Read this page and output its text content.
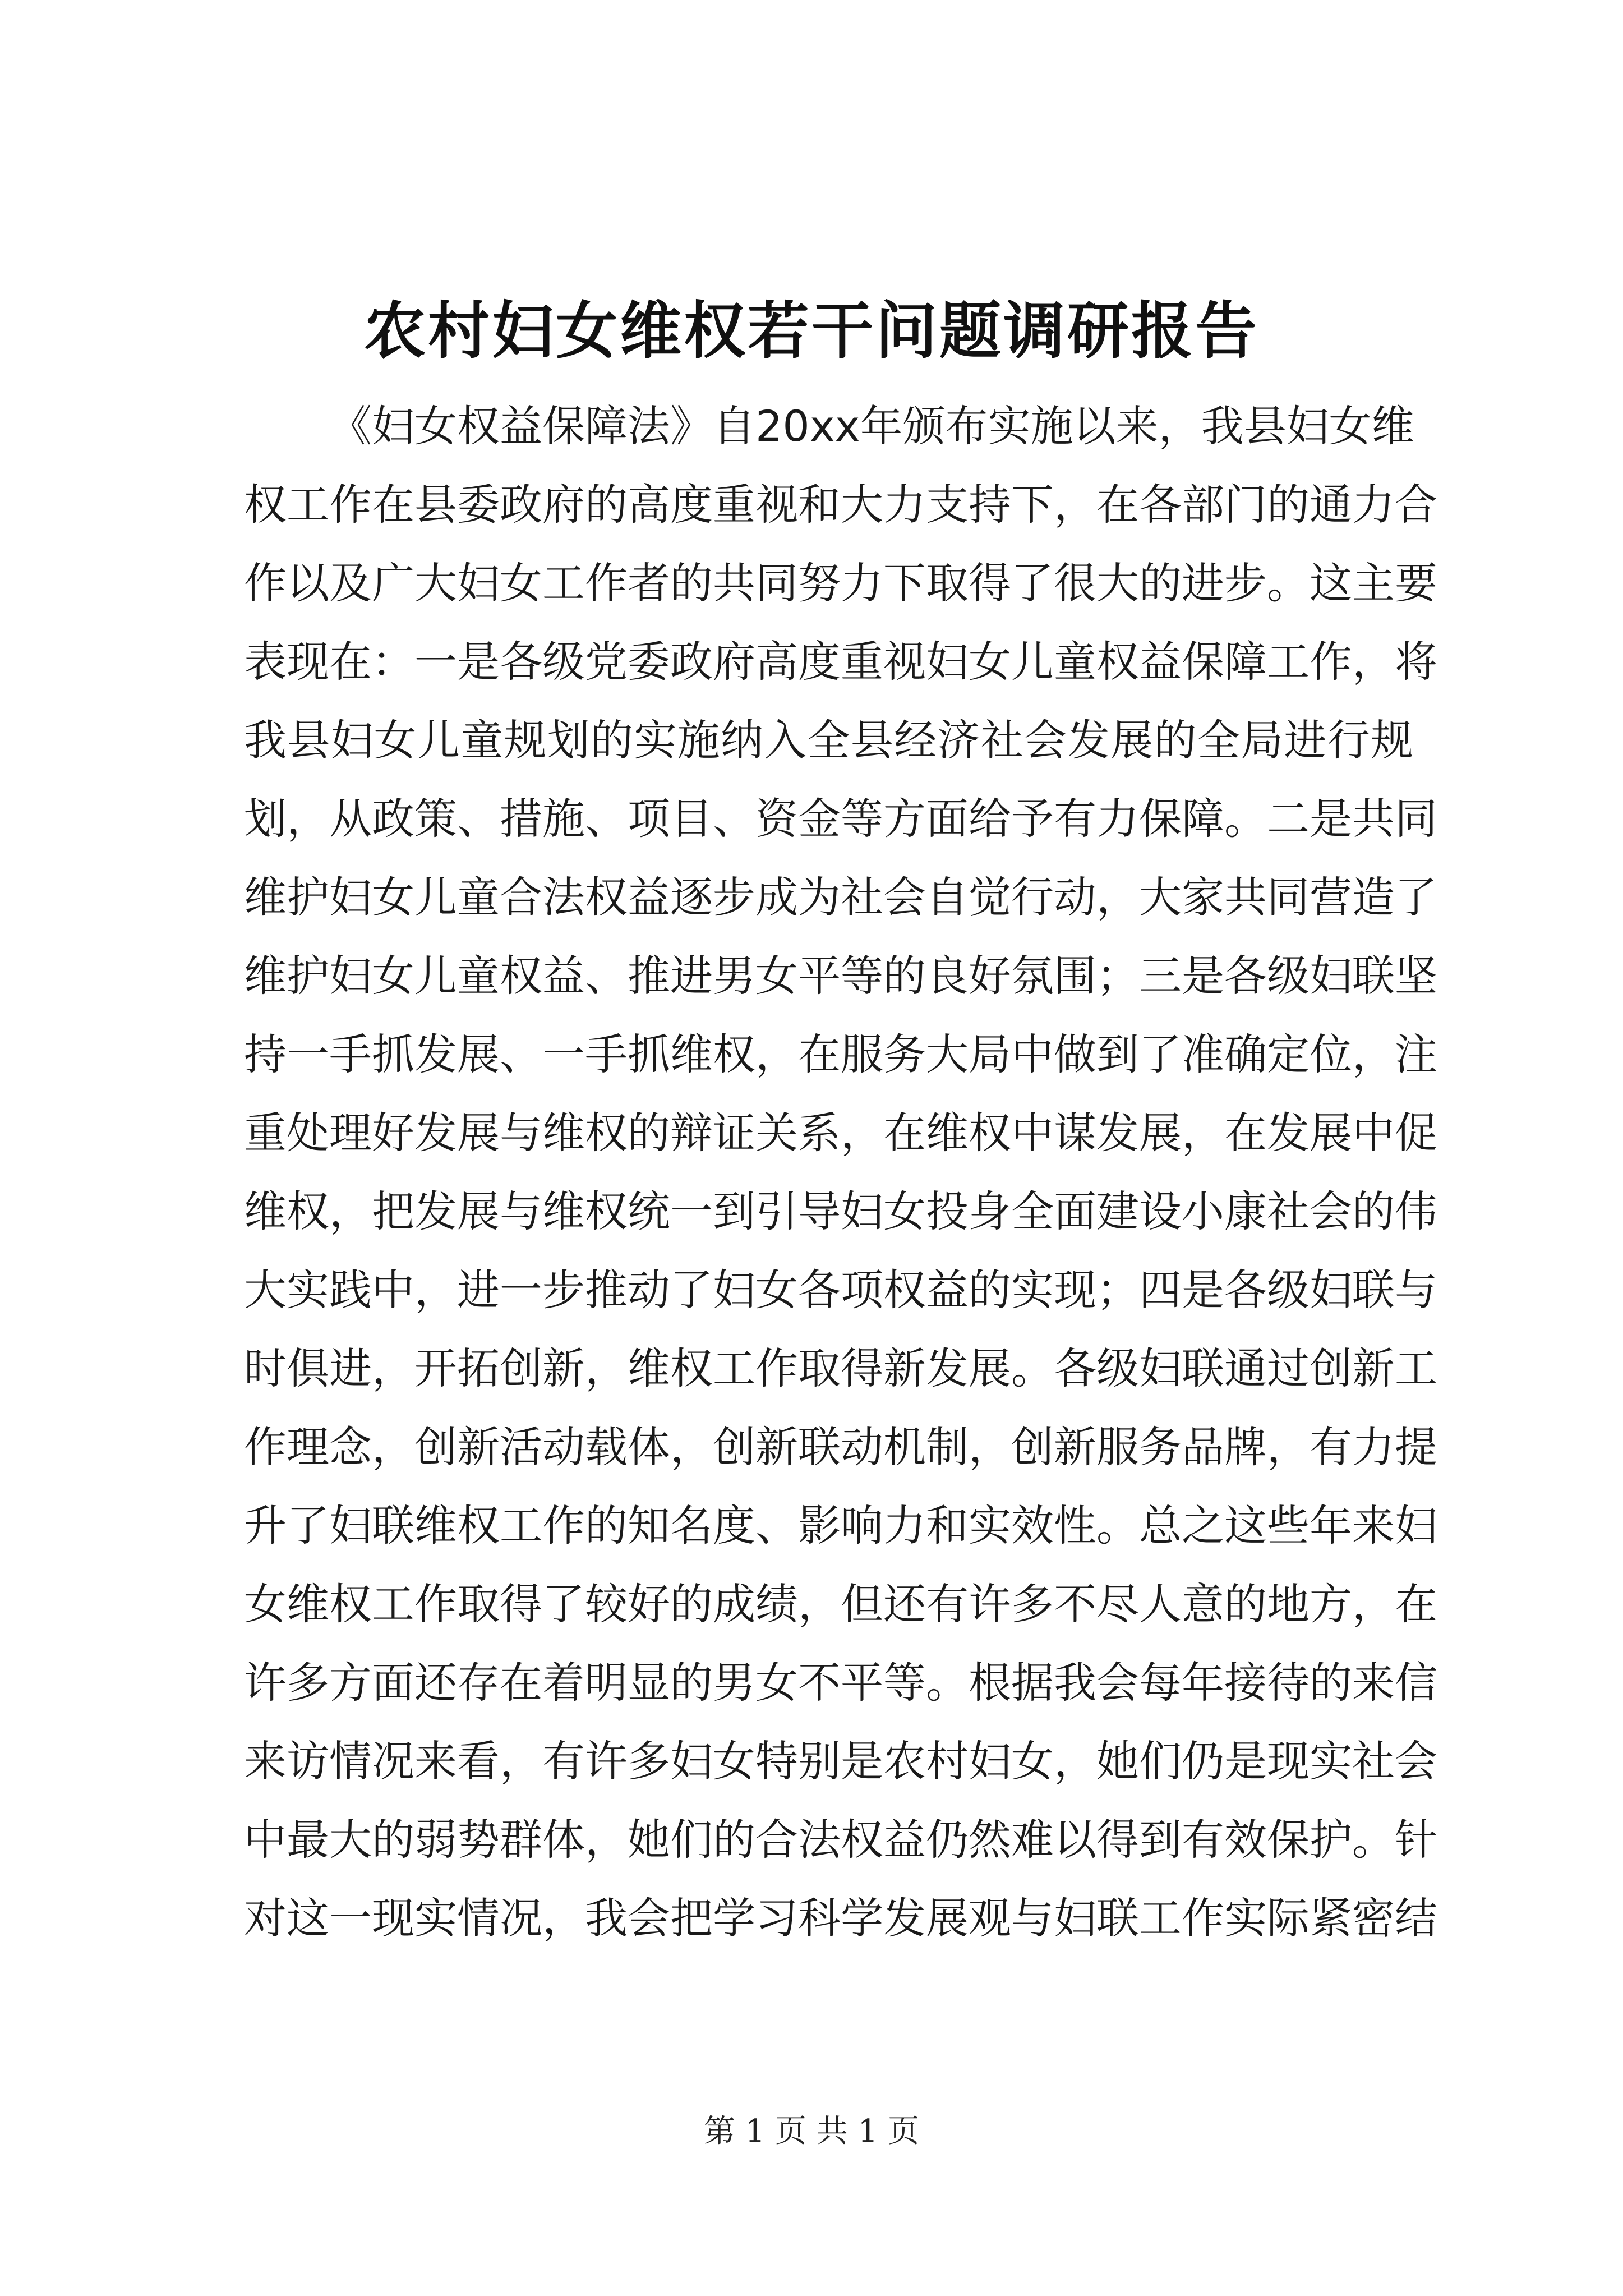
农村妇女维权若干问题调研报告
《妇女权益保障法》自20xx年颁布实施以来，我县妇女维
权工作在县委政府的高度重视和大力支持下，在各部门的通力合
作以及广大妇女工作者的共同努力下取得了很大的进步。这主要
表现在：一是各级党委政府高度重视妇女儿童权益保障工作，将
我县妇女儿童规划的实施纳入全县经济社会发展的全局进行规
划，从政策、措施、项目、资金等方面给予有力保障。二是共同
维护妇女儿童合法权益逐步成为社会自觉行动，大家共同营造了
维护妇女儿童权益、推进男女平等的良好氛围；三是各级妇联坚
持一手抓发展、一手抓维权，在服务大局中做到了准确定位，注
重处理好发展与维权的辩证关系，在维权中谋发展，在发展中促
维权，把发展与维权统一到引导妇女投身全面建设小康社会的伟
大实践中，进一步推动了妇女各项权益的实现；四是各级妇联与
时俱进，开拓创新，维权工作取得新发展。各级妇联通过创新工
作理念，创新活动载体，创新联动机制，创新服务品牌，有力提
升了妇联维权工作的知名度、影响力和实效性。总之这些年来妇
女维权工作取得了较好的成绩，但还有许多不尽人意的地方，在
许多方面还存在着明显的男女不平等。根据我会每年接待的来信
来访情况来看，有许多妇女特别是农村妇女，她们仍是现实社会
中最大的弱势群体，她们的合法权益仍然难以得到有效保护。针
对这一现实情况，我会把学习科学发展观与妇联工作实际紧密结
第 1 页 共 1 页
